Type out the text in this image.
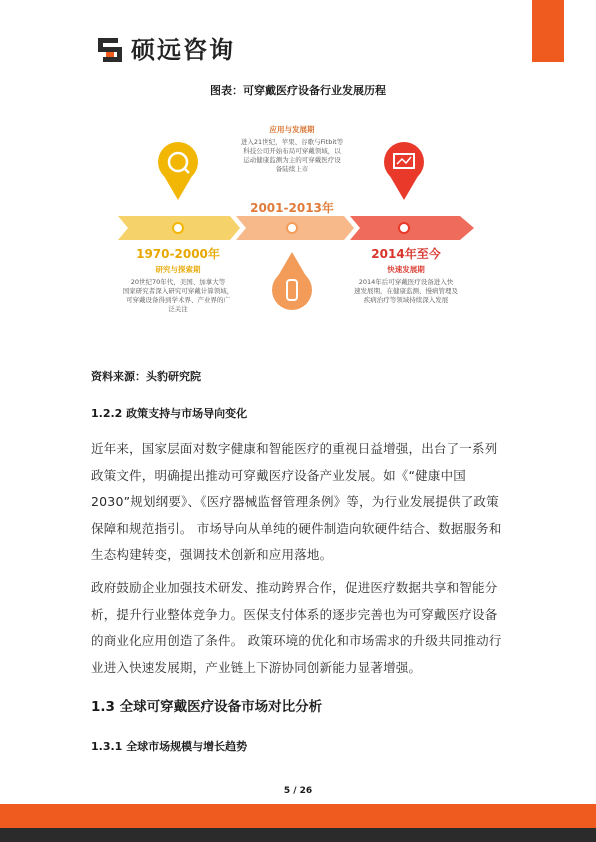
硕远咨询
图表：可穿戴医疗设备行业发展历程
应用与发展期
进入21世纪，苹果、谷歌与Fitbit等
科技公司开始布局可穿戴领域，以
运动健康监测为主的可穿戴医疗设
备陆续上市
2001-2013年
1970-2000年
研究与探索期
20世纪70年代，美国、加拿大等
国家研究者深入研究可穿戴计算领域，
可穿戴设备得到学术界、产业界的广
泛关注
2014年至今
快速发展期
2014年后可穿戴医疗设备进入快
速发展期，在健康监测、慢病管理及
疾病治疗等领域持续深入发展
资料来源：头豹研究院
1.2.2 政策支持与市场导向变化
近年来，国家层面对数字健康和智能医疗的重视日益增强，出台了一系列政策文件，明确提出推动可穿戴医疗设备产业发展。如《“健康中国 2030”规划纲要》、《医疗器械监督管理条例》等，为行业发展提供了政策保障和规范指引。 市场导向从单纯的硬件制造向软硬件结合、数据服务和生态构建转变，强调技术创新和应用落地。
政府鼓励企业加强技术研发、推动跨界合作，促进医疗数据共享和智能分析，提升行业整体竞争力。医保支付体系的逐步完善也为可穿戴医疗设备的商业化应用创造了条件。 政策环境的优化和市场需求的升级共同推动行业进入快速发展期，产业链上下游协同创新能力显著增强。
1.3 全球可穿戴医疗设备市场对比分析
1.3.1 全球市场规模与增长趋势
5 / 26
